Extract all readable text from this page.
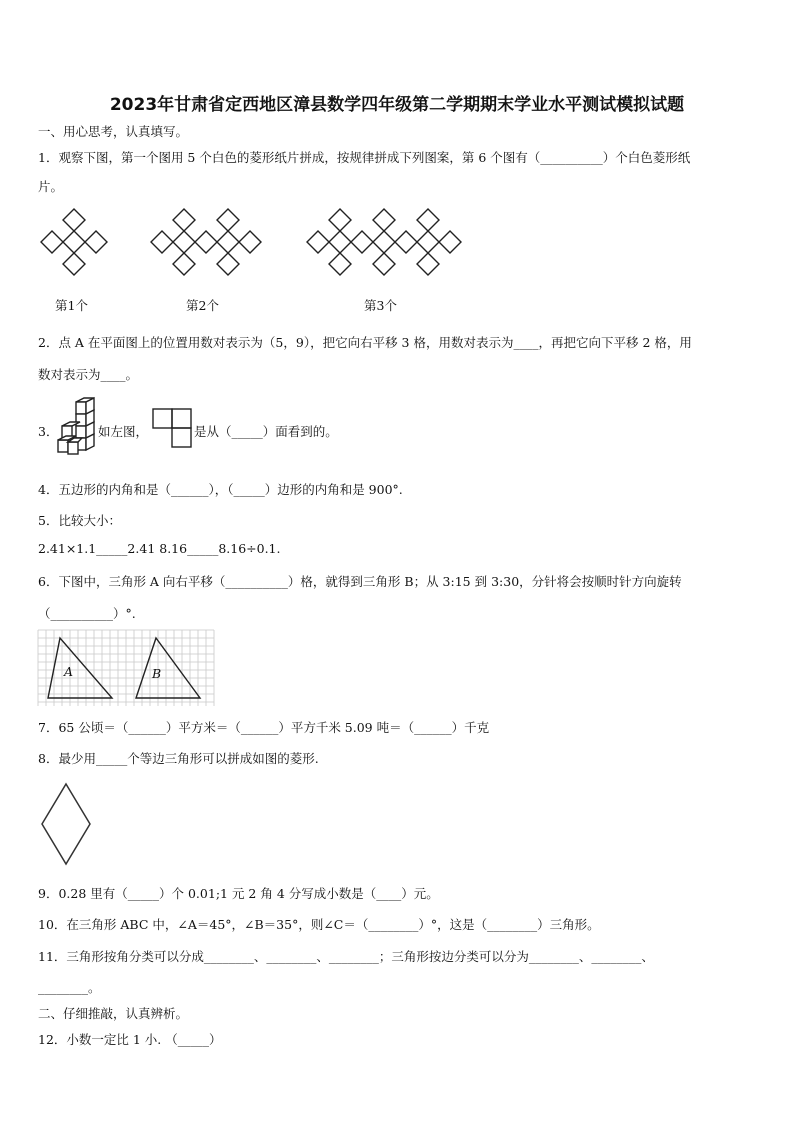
2023年甘肃省定西地区漳县数学四年级第二学期期末学业水平测试模拟试题
一、用心思考，认真填写。
1．观察下图，第一个图用 5 个白色的菱形纸片拼成，按规律拼成下列图案，第 6 个图有（__________）个白色菱形纸
片。
第1个	第2个	第3个
2．点 A 在平面图上的位置用数对表示为（5，9），把它向右平移 3 格，用数对表示为____，再把它向下平移 2 格，用
数对表示为____。
3．	如左图，	是从（_____）面看到的。
4．五边形的内角和是（______），（_____）边形的内角和是 900°.
5．比较大小：
2.41×1.1_____2.41 8.16_____8.16÷0.1.
6．下图中，三角形 A 向右平移（__________）格，就得到三角形 B；从 3:15 到 3:30，分针将会按顺时针方向旋转
（__________）°.
A	B
7．65 公顷＝（______）平方米＝（______）平方千米 5.09 吨＝（______）千克
8．最少用_____个等边三角形可以拼成如图的菱形.
9．0.28 里有（_____）个 0.01;1 元 2 角 4 分写成小数是（____）元。
10．在三角形 ABC 中，∠A＝45°，∠B＝35°，则∠C＝（________）°，这是（________）三角形。
11．三角形按角分类可以分成________、________、________；三角形按边分类可以分为________、________、
________。
二、仔细推敲，认真辨析。
12．小数一定比 1 小. （_____）
